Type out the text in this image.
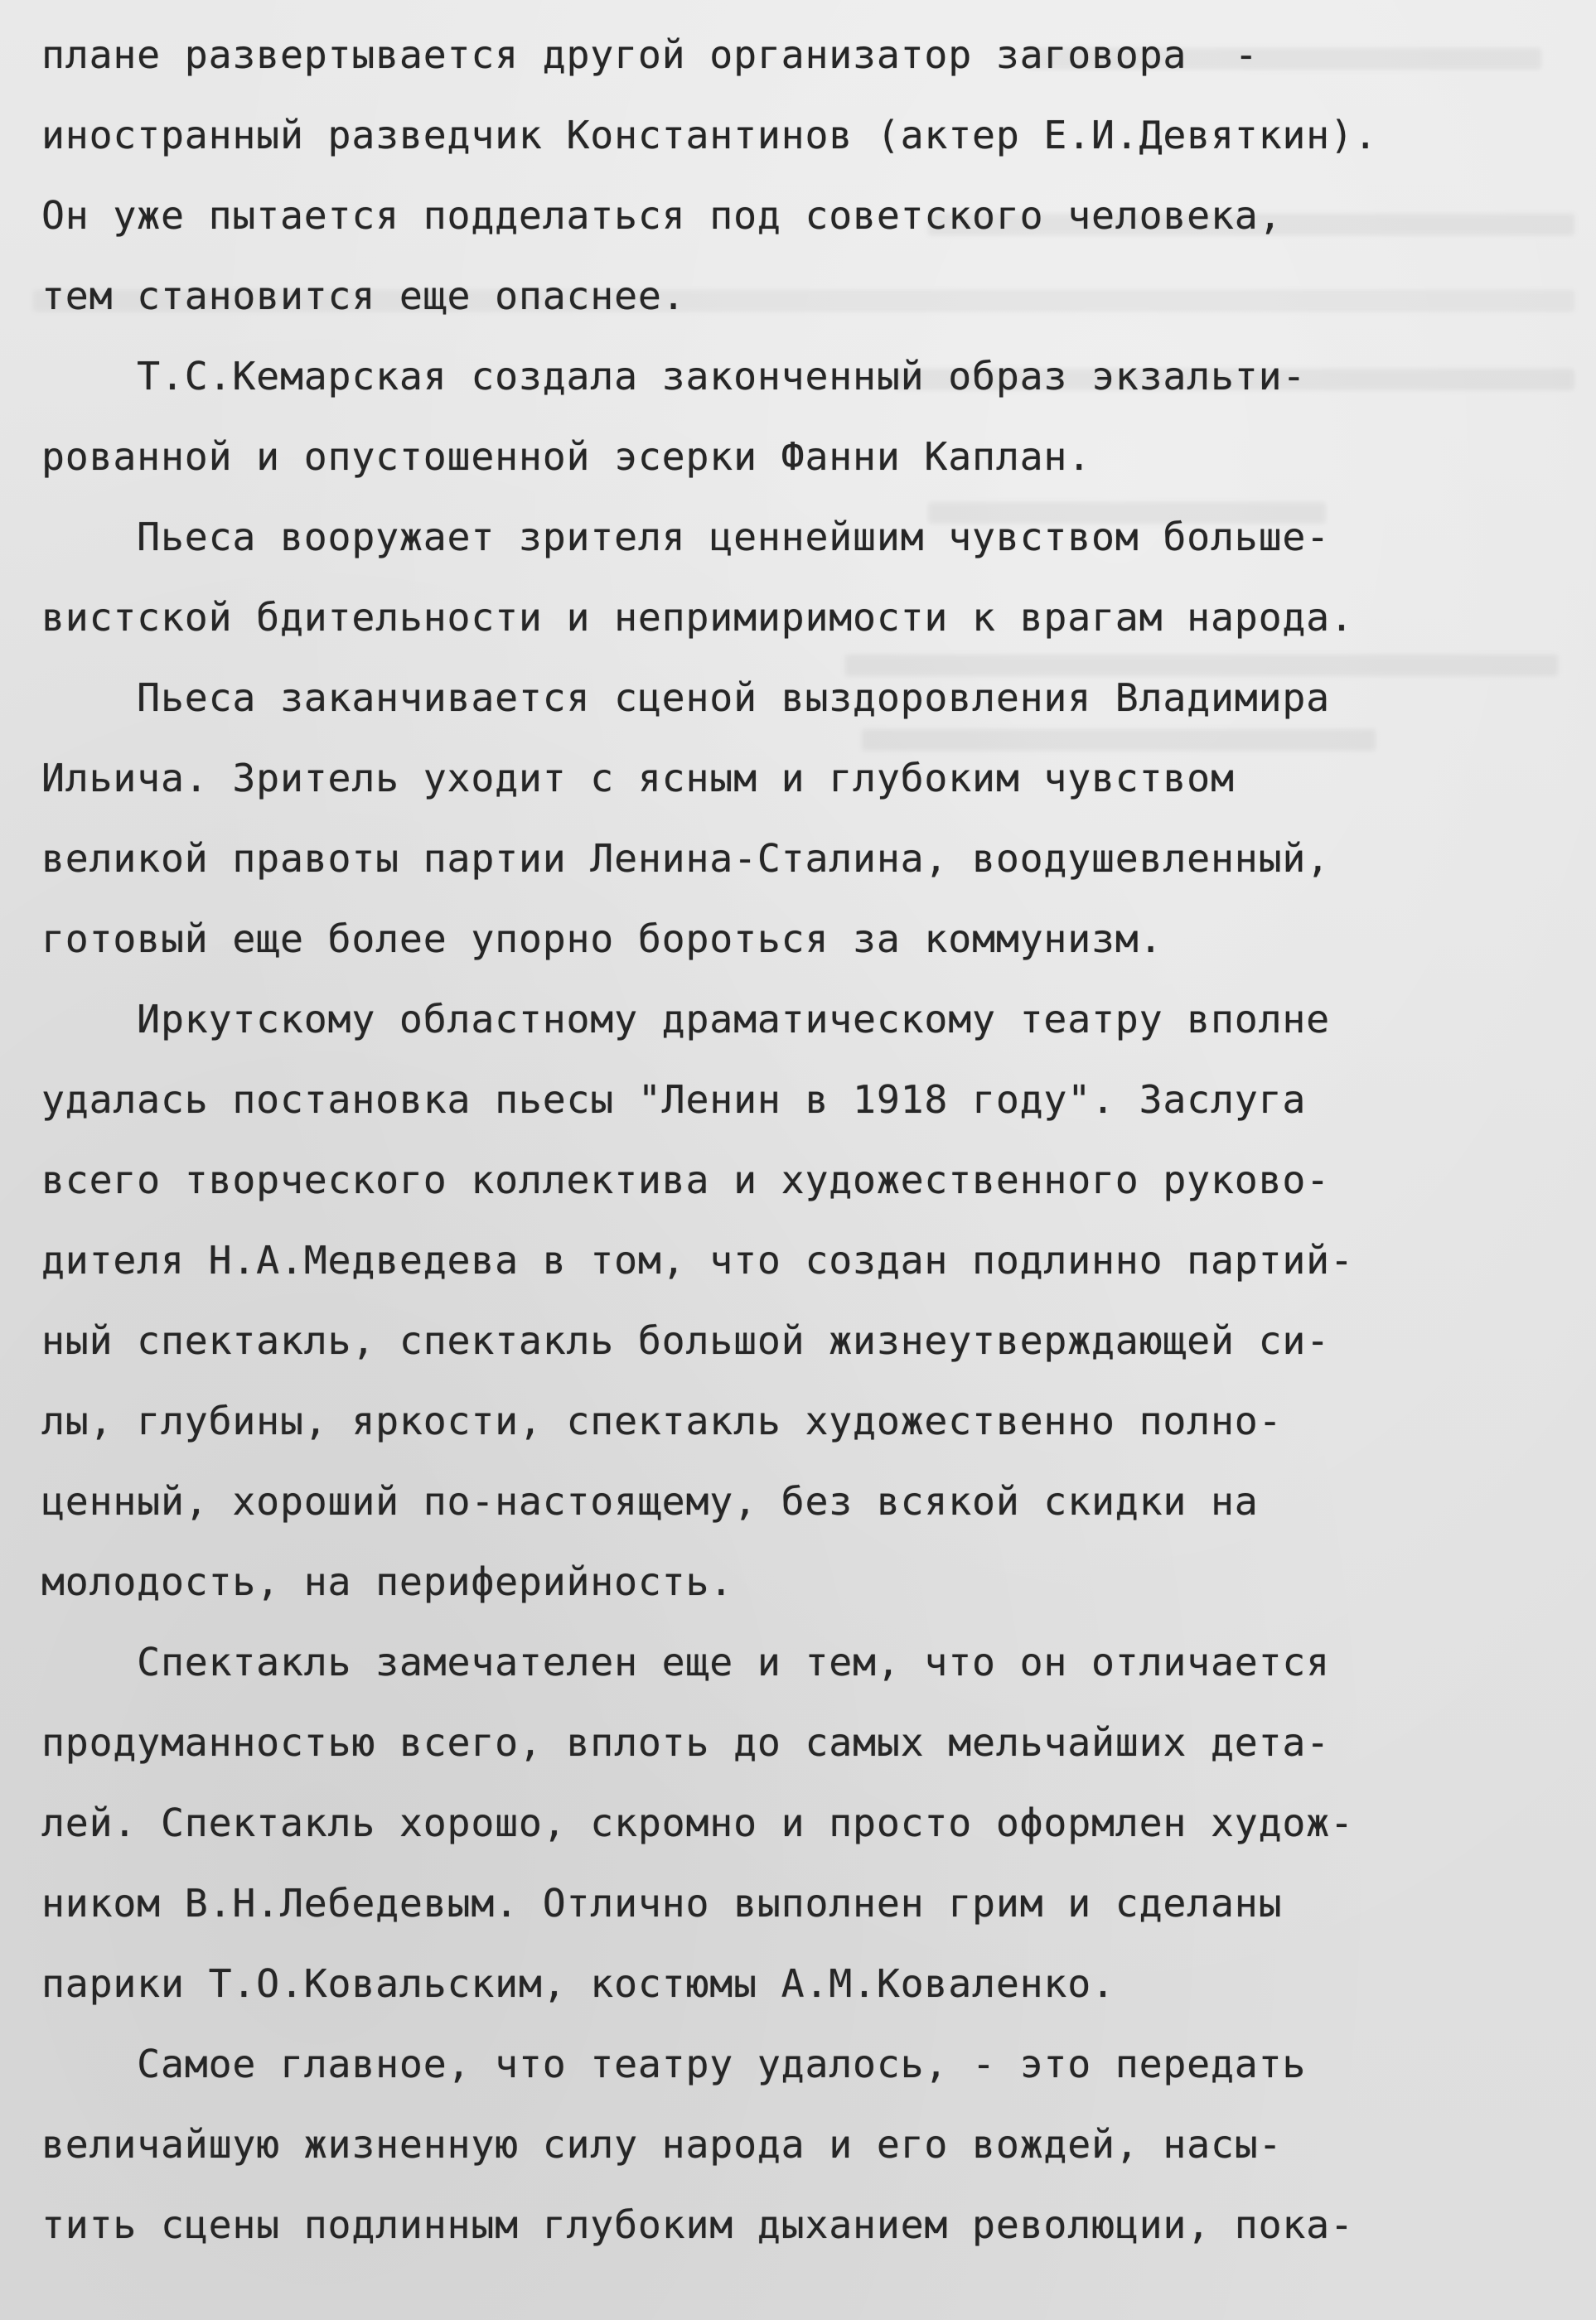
плане развертывается другой организатор заговора  -
иностранный разведчик Константинов (актер Е.И.Девяткин).
Он уже пытается подделаться под советского человека,
тем становится еще опаснее.
Т.С.Кемарская создала законченный образ экзальти-
рованной и опустошенной эсерки Фанни Каплан.
Пьеса вооружает зрителя ценнейшим чувством больше-
вистской бдительности и непримиримости к врагам народа.
Пьеса заканчивается сценой выздоровления Владимира
Ильича. Зритель уходит с ясным и глубоким чувством
великой правоты партии Ленина-Сталина, воодушевленный,
готовый еще более упорно бороться за коммунизм.
Иркутскому областному драматическому театру вполне
удалась постановка пьесы "Ленин в 1918 году". Заслуга
всего творческого коллектива и художественного руково-
дителя Н.А.Медведева в том, что создан подлинно партий-
ный спектакль, спектакль большой жизнеутверждающей си-
лы, глубины, яркости, спектакль художественно полно-
ценный, хороший по-настоящему, без всякой скидки на
молодость, на периферийность.
Спектакль замечателен еще и тем, что он отличается
продуманностью всего, вплоть до самых мельчайших дета-
лей. Спектакль хорошо, скромно и просто оформлен худож-
ником В.Н.Лебедевым. Отлично выполнен грим и сделаны
парики Т.О.Ковальским, костюмы А.М.Коваленко.
Самое главное, что театру удалось, - это передать
величайшую жизненную силу народа и его вождей, насы-
тить сцены подлинным глубоким дыханием революции, пока-
